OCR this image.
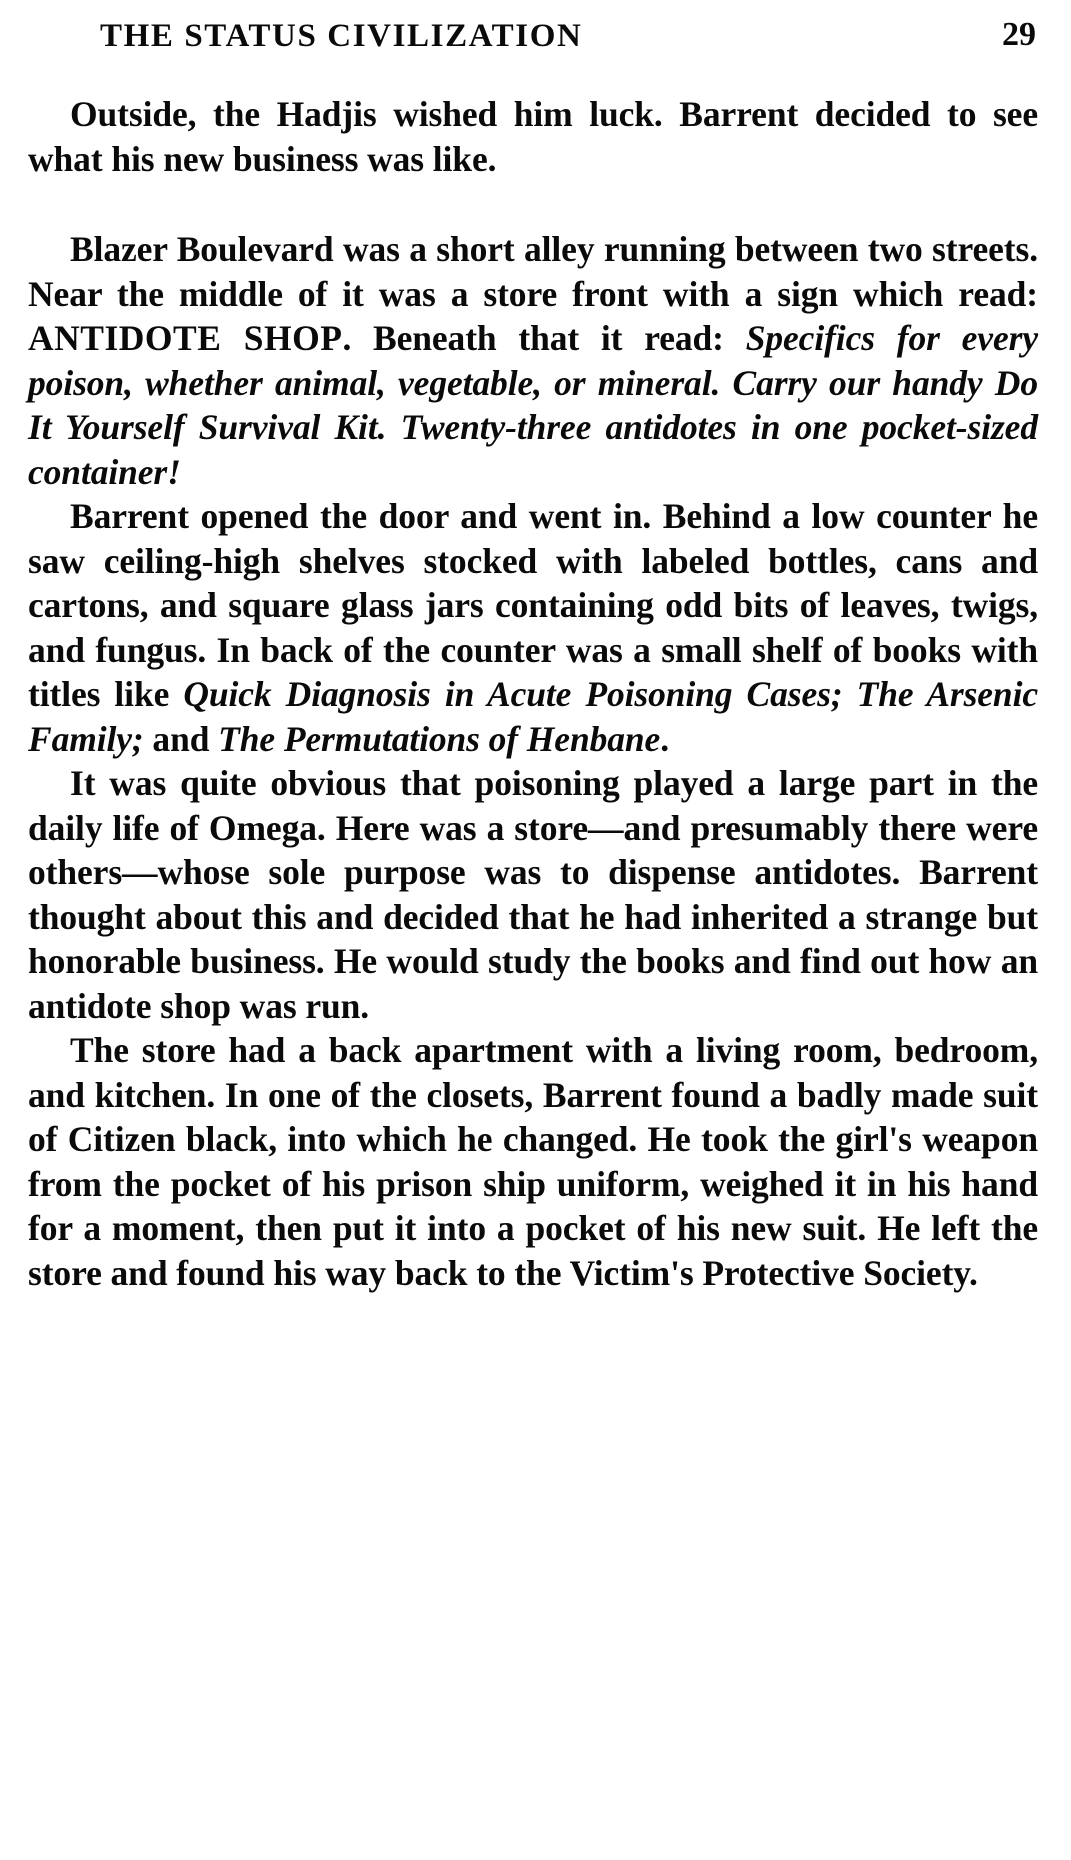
THE STATUS CIVILIZATION	29

Outside, the Hadjis wished him luck. Barrent decided to see what his new business was like.

Blazer Boulevard was a short alley running between two streets. Near the middle of it was a store front with a sign which read: ANTIDOTE SHOP. Beneath that it read: Specifics for every poison, whether animal, vegetable, or mineral. Carry our handy Do It Yourself Survival Kit. Twenty-three antidotes in one pocket-sized container!

Barrent opened the door and went in. Behind a low counter he saw ceiling-high shelves stocked with labeled bottles, cans and cartons, and square glass jars containing odd bits of leaves, twigs, and fungus. In back of the counter was a small shelf of books with titles like Quick Diagnosis in Acute Poisoning Cases; The Arsenic Family; and The Permutations of Henbane.

It was quite obvious that poisoning played a large part in the daily life of Omega. Here was a store—and presumably there were others—whose sole purpose was to dispense antidotes. Barrent thought about this and decided that he had inherited a strange but honorable business. He would study the books and find out how an antidote shop was run.

The store had a back apartment with a living room, bedroom, and kitchen. In one of the closets, Barrent found a badly made suit of Citizen black, into which he changed. He took the girl's weapon from the pocket of his prison ship uniform, weighed it in his hand for a moment, then put it into a pocket of his new suit. He left the store and found his way back to the Victim's Protective Society.
